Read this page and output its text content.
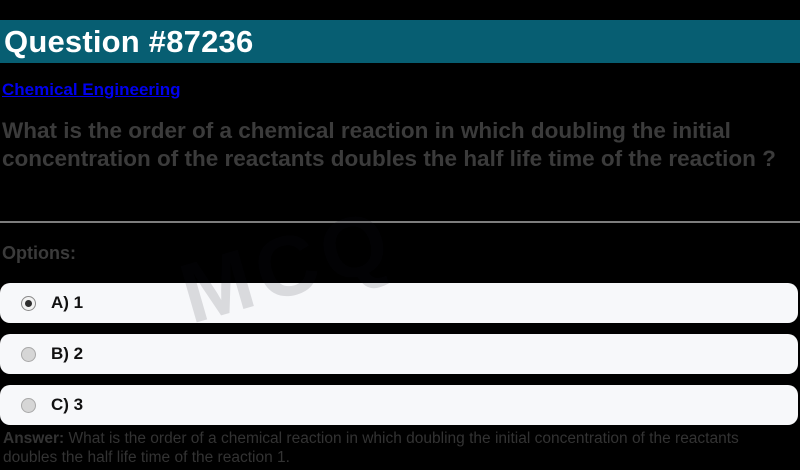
Question #87236
Chemical Engineering
What is the order of a chemical reaction in which doubling the initial concentration of the reactants doubles the half life time of the reaction ?
Options:
A) 1
B) 2
C) 3
Answer: What is the order of a chemical reaction in which doubling the initial concentration of the reactants doubles the half life time of the reaction 1.
MCQ
